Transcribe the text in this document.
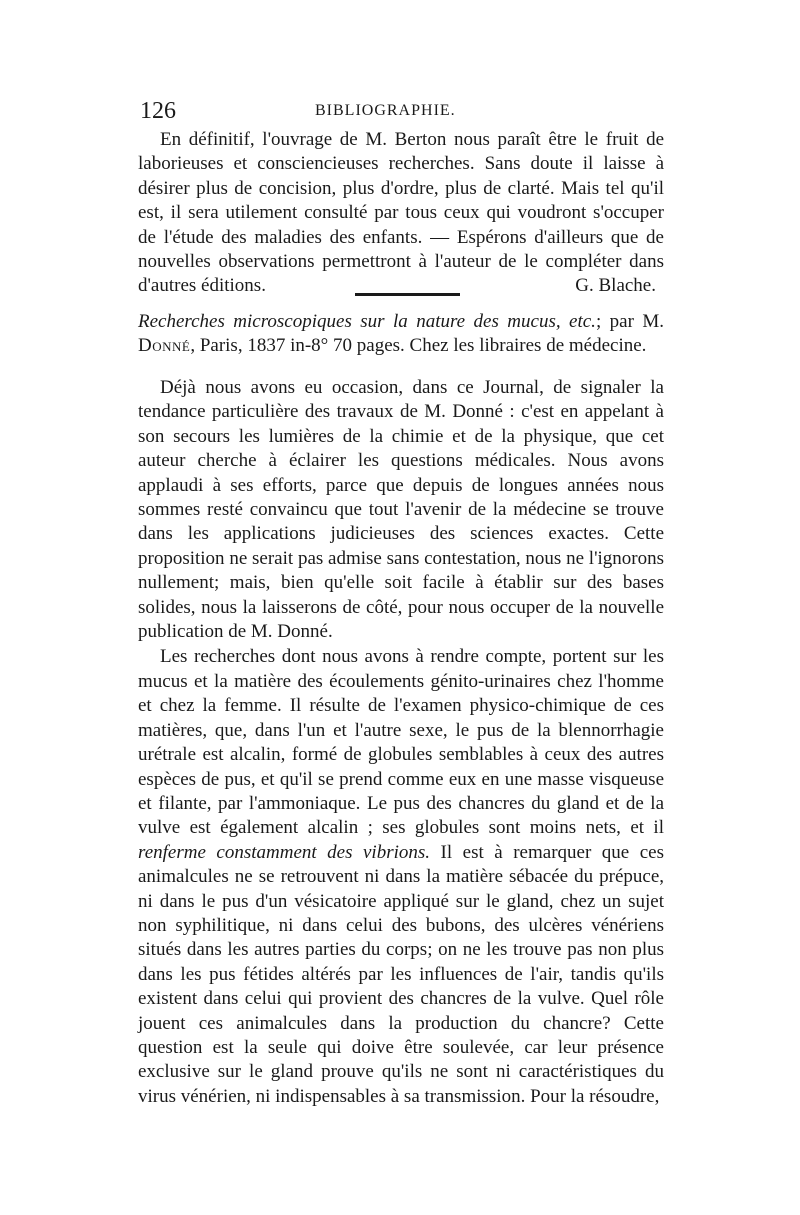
126	BIBLIOGRAPHIE.

En définitif, l'ouvrage de M. Berton nous paraît être le fruit de laborieuses et consciencieuses recherches. Sans doute il laisse à désirer plus de concision, plus d'ordre, plus de clarté. Mais tel qu'il est, il sera utilement consulté par tous ceux qui voudront s'occuper de l'étude des maladies des enfants. — Espérons d'ailleurs que de nouvelles observations permettront à l'auteur de le compléter dans d'autres éditions.	G. Blache.
Recherches microscopiques sur la nature des mucus, etc.; par M. Donné, Paris, 1837 in-8° 70 pages. Chez les libraires de médecine.

Déjà nous avons eu occasion, dans ce Journal, de signaler la tendance particulière des travaux de M. Donné : c'est en appelant à son secours les lumières de la chimie et de la physique, que cet auteur cherche à éclairer les questions médicales. Nous avons applaudi à ses efforts, parce que depuis de longues années nous sommes resté convaincu que tout l'avenir de la médecine se trouve dans les applications judicieuses des sciences exactes. Cette proposition ne serait pas admise sans contestation, nous ne l'ignorons nullement; mais, bien qu'elle soit facile à établir sur des bases solides, nous la laisserons de côté, pour nous occuper de la nouvelle publication de M. Donné.

Les recherches dont nous avons à rendre compte, portent sur les mucus et la matière des écoulements génito-urinaires chez l'homme et chez la femme. Il résulte de l'examen physico-chimique de ces matières, que, dans l'un et l'autre sexe, le pus de la blennorrhagie urétrale est alcalin, formé de globules semblables à ceux des autres espèces de pus, et qu'il se prend comme eux en une masse visqueuse et filante, par l'ammoniaque. Le pus des chancres du gland et de la vulve est également alcalin ; ses globules sont moins nets, et il renferme constamment des vibrions. Il est à remarquer que ces animalcules ne se retrouvent ni dans la matière sébacée du prépuce, ni dans le pus d'un vésicatoire appliqué sur le gland, chez un sujet non syphilitique, ni dans celui des bubons, des ulcères vénériens situés dans les autres parties du corps; on ne les trouve pas non plus dans les pus fétides altérés par les influences de l'air, tandis qu'ils existent dans celui qui provient des chancres de la vulve. Quel rôle jouent ces animalcules dans la production du chancre? Cette question est la seule qui doive être soulevée, car leur présence exclusive sur le gland prouve qu'ils ne sont ni caractéristiques du virus vénérien, ni indispensables à sa transmission. Pour la résoudre,
